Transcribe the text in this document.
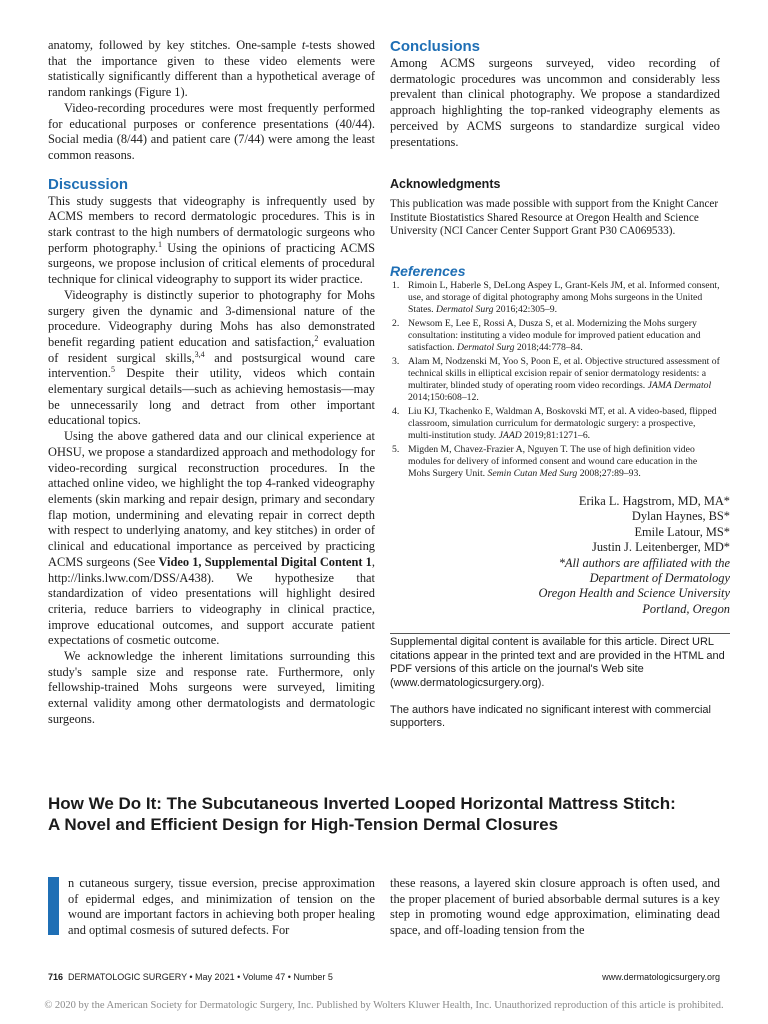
anatomy, followed by key stitches. One-sample t-tests showed that the importance given to these video elements were statistically significantly different than a hypothetical average of random rankings (Figure 1).

Video-recording procedures were most frequently performed for educational purposes or conference presentations (40/44). Social media (8/44) and patient care (7/44) were among the least common reasons.

Discussion

This study suggests that videography is infrequently used by ACMS members to record dermatologic procedures. This is in stark contrast to the high numbers of dermatologic surgeons who perform photography.$^1$ Using the opinions of practicing ACMS surgeons, we propose inclusion of critical elements of procedural technique for clinical videography to support its wider practice.

Videography is distinctly superior to photography for Mohs surgery given the dynamic and 3-dimensional nature of the procedure. Videography during Mohs has also demonstrated benefit regarding patient education and satisfaction,$^2$ evaluation of resident surgical skills,$^{3,4}$ and postsurgical wound care intervention.$^5$ Despite their utility, videos which contain elementary surgical details—such as achieving hemostasis—may be unnecessarily long and detract from other important educational topics.

Using the above gathered data and our clinical experience at OHSU, we propose a standardized approach and methodology for video-recording surgical reconstruction procedures. In the attached online video, we highlight the top 4-ranked videography elements (skin marking and repair design, primary and secondary flap motion, undermining and elevating repair in correct depth with respect to underlying anatomy, and key stitches) in order of clinical and educational importance as perceived by practicing ACMS surgeons (See Video 1, Supplemental Digital Content 1, http://links.lww.com/DSS/A438). We hypothesize that standardization of video presentations will highlight desired criteria, reduce barriers to videography in clinical practice, improve educational outcomes, and support accurate patient expectations of cosmetic outcome.

We acknowledge the inherent limitations surrounding this study's sample size and response rate. Furthermore, only fellowship-trained Mohs surgeons were surveyed, limiting external validity among other dermatologists and dermatologic surgeons.

Conclusions

Among ACMS surgeons surveyed, video recording of dermatologic procedures was uncommon and considerably less prevalent than clinical photography. We propose a standardized approach highlighting the top-ranked videography elements as perceived by ACMS surgeons to standardize surgical video presentations.

Acknowledgments

This publication was made possible with support from the Knight Cancer Institute Biostatistics Shared Resource at Oregon Health and Science University (NCI Cancer Center Support Grant P30 CA069533).

References
1. Rimoin L, Haberle S, DeLong Aspey L, Grant-Kels JM, et al. Informed consent, use, and storage of digital photography among Mohs surgeons in the United States. Dermatol Surg 2016;42:305–9.
2. Newsom E, Lee E, Rossi A, Dusza S, et al. Modernizing the Mohs surgery consultation: instituting a video module for improved patient education and satisfaction. Dermatol Surg 2018;44:778–84.
3. Alam M, Nodzenski M, Yoo S, Poon E, et al. Objective structured assessment of technical skills in elliptical excision repair of senior dermatology residents: a multirater, blinded study of operating room video recordings. JAMA Dermatol 2014;150:608–12.
4. Liu KJ, Tkachenko E, Waldman A, Boskovski MT, et al. A video-based, flipped classroom, simulation curriculum for dermatologic surgery: a prospective, multi-institution study. JAAD 2019;81:1271–6.
5. Migden M, Chavez-Frazier A, Nguyen T. The use of high definition video modules for delivery of informed consent and wound care education in the Mohs Surgery Unit. Semin Cutan Med Surg 2008;27:89–93.
Erika L. Hagstrom, MD, MA*
Dylan Haynes, BS*
Emile Latour, MS*
Justin J. Leitenberger, MD*
*All authors are affiliated with the
Department of Dermatology
Oregon Health and Science University
Portland, Oregon
Supplemental digital content is available for this article. Direct URL citations appear in the printed text and are provided in the HTML and PDF versions of this article on the journal's Web site (www.dermatologicsurgery.org).
The authors have indicated no significant interest with commercial supporters.
How We Do It: The Subcutaneous Inverted Looped Horizontal Mattress Stitch:
A Novel and Efficient Design for High-Tension Dermal Closures

n cutaneous surgery, tissue eversion, precise approximation of epidermal edges, and minimization of tension on the wound are important factors in achieving both proper healing and optimal cosmesis of sutured defects. For

these reasons, a layered skin closure approach is often used, and the proper placement of buried absorbable dermal sutures is a key step in promoting wound edge approximation, eliminating dead space, and off-loading tension from the

716 DERMATOLOGIC SURGERY • May 2021 • Volume 47 • Number 5	www.dermatologicsurgery.org
© 2020 by the American Society for Dermatologic Surgery, Inc. Published by Wolters Kluwer Health, Inc. Unauthorized reproduction of this article is prohibited.
